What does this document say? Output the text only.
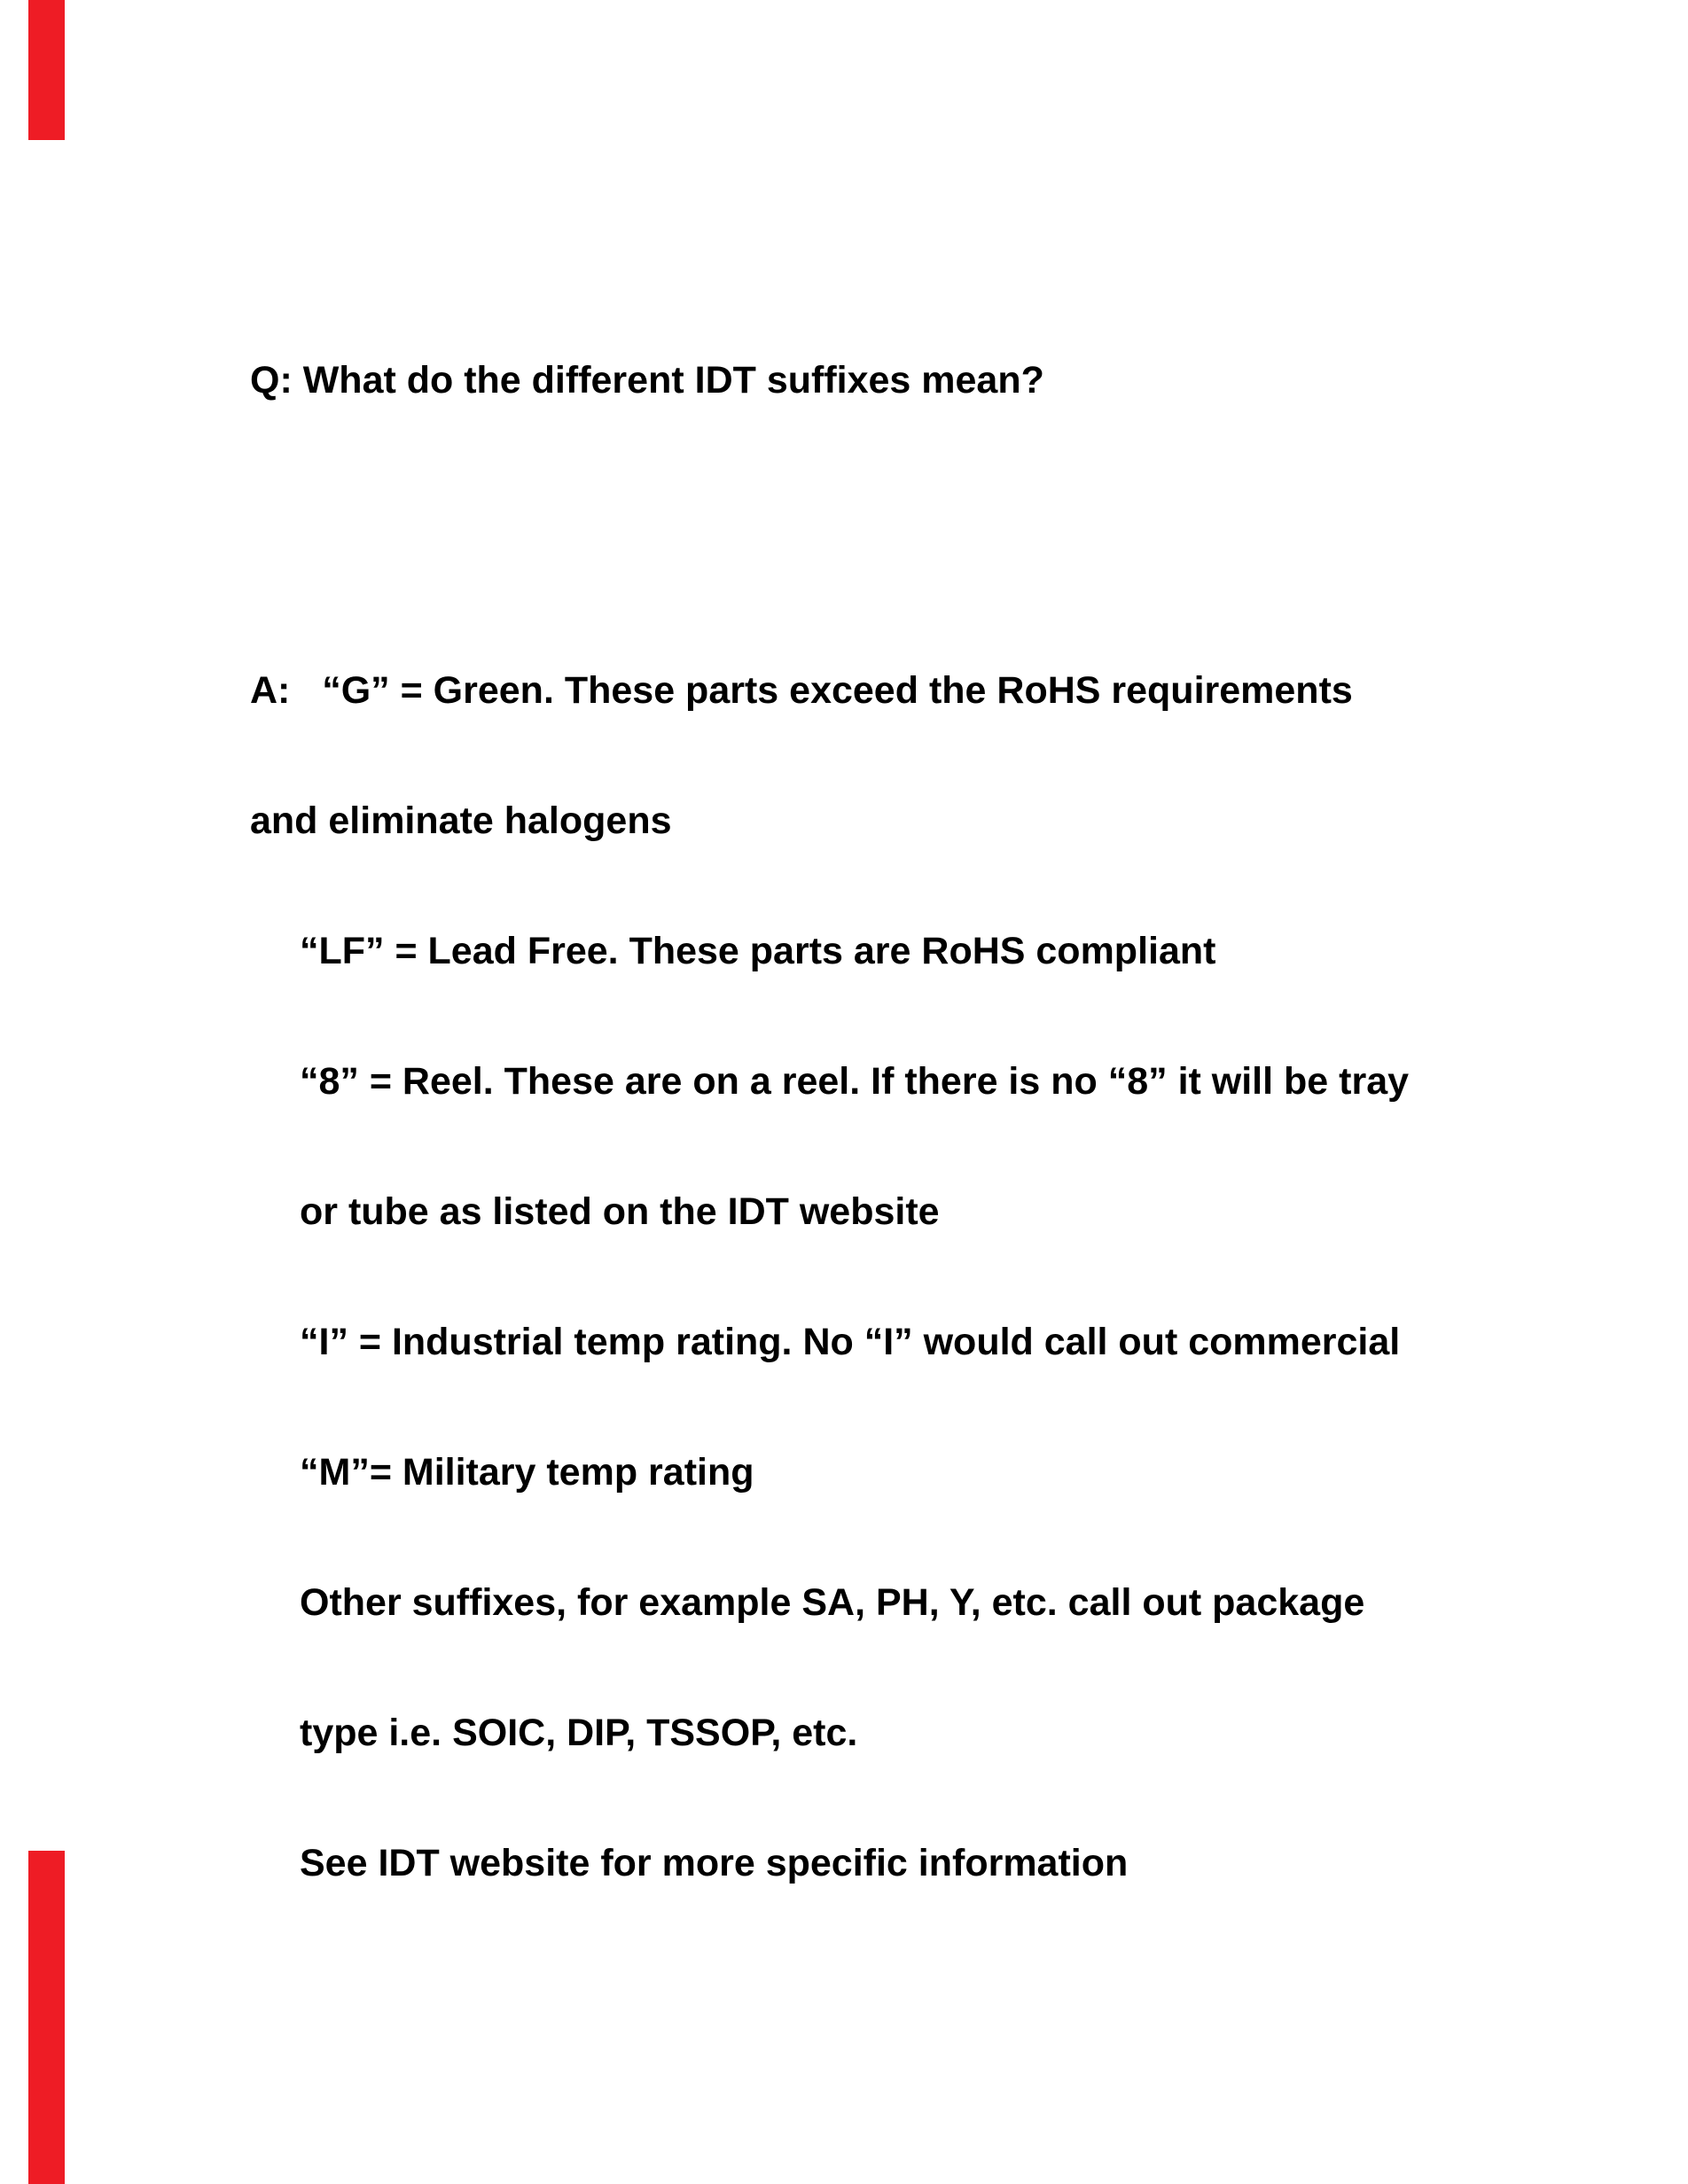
Q: What do the different IDT suffixes mean?

A:   “G” = Green. These parts exceed the RoHS requirements

and eliminate halogens

“LF” = Lead Free. These parts are RoHS compliant

“8” = Reel. These are on a reel. If there is no “8” it will be tray

or tube as listed on the IDT website

“I” = Industrial temp rating. No “I” would call out commercial

“M”= Military temp rating

Other suffixes, for example SA, PH, Y, etc. call out package

type i.e. SOIC, DIP, TSSOP, etc.

See IDT website for more specific information
